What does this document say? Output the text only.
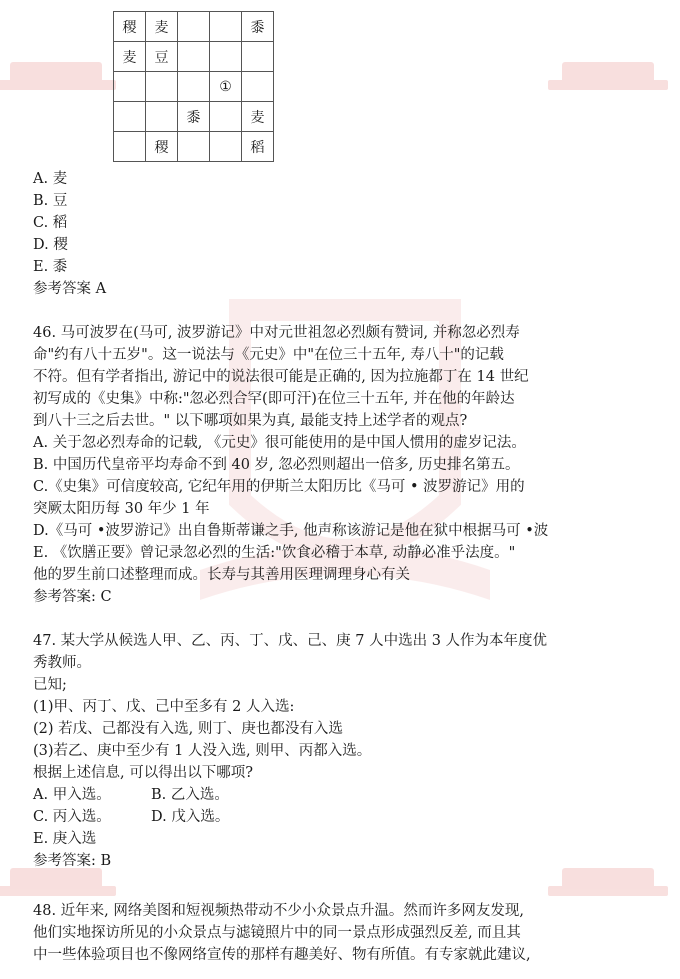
稷	麦			黍
麦	豆			
			①	
		黍		麦
	稷			稻
A. 麦
B. 豆
C. 稻
D. 稷
E. 黍
参考答案 A
46. 马可波罗在(马可, 波罗游记》中对元世祖忽必烈颇有赞词, 并称忽必烈寿
命"约有八十五岁"。这一说法与《元史》中"在位三十五年, 寿八十"的记载
不符。但有学者指出, 游记中的说法很可能是正确的, 因为拉施都丁在 14 世纪
初写成的《史集》中称:"忽必烈合罕(即可汗)在位三十五年, 并在他的年龄达
到八十三之后去世。" 以下哪项如果为真, 最能支持上述学者的观点?
A. 关于忽必烈寿命的记载, 《元史》很可能使用的是中国人惯用的虚岁记法。
B. 中国历代皇帝平均寿命不到 40 岁, 忽必烈则超出一倍多, 历史排名第五。
C.《史集》可信度较高, 它纪年用的伊斯兰太阳历比《马可 • 波罗游记》用的
突厥太阳历每 30 年少 1 年
D.《马可 •波罗游记》出自鲁斯蒂谦之手, 他声称该游记是他在狱中根据马可 •波
E. 《饮膳正要》曾记录忽必烈的生活:"饮食必稽于本草, 动静必准乎法度。"
他的罗生前口述整理而成。长寿与其善用医理调理身心有关
参考答案: C
47. 某大学从候选人甲、乙、丙、丁、戊、己、庚 7 人中选出 3 人作为本年度优
秀教师。
已知;
(1)甲、丙丁、戊、己中至多有 2 人入选:
(2) 若戊、己都没有入选, 则丁、庚也都没有入选
(3)若乙、庚中至少有 1 人没入选, 则甲、丙都入选。
根据上述信息, 可以得出以下哪项?
A. 甲入选。	B. 乙入选。
C. 丙入选。	D. 戊入选。
E. 庚入选
参考答案: B
48. 近年来, 网络美图和短视频热带动不少小众景点升温。然而许多网友发现,
他们实地探访所见的小众景点与滤镜照片中的同一景点形成强烈反差, 而且其
中一些体验项目也不像网络宣传的那样有趣美好、物有所值。有专家就此建议,
